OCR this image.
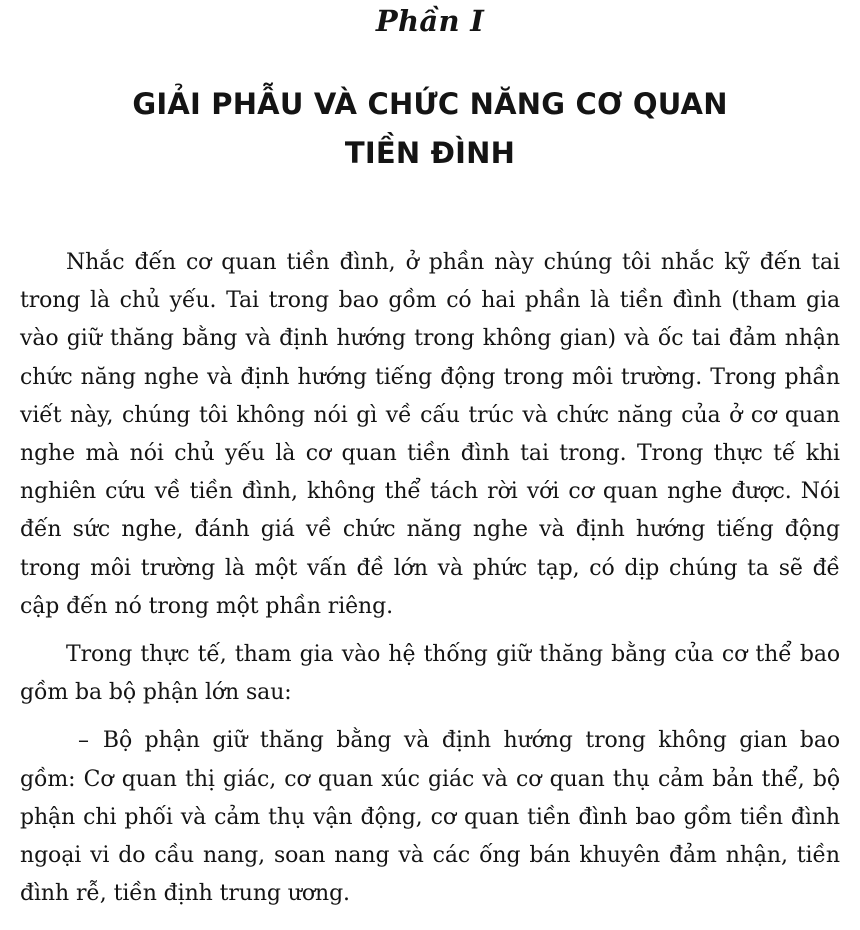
Phần I
GIẢI PHẪU VÀ CHỨC NĂNG CƠ QUAN
TIỀN ĐÌNH

Nhắc đến cơ quan tiền đình, ở phần này chúng tôi nhắc kỹ đến tai trong là chủ yếu. Tai trong bao gồm có hai phần là tiền đình (tham gia vào giữ thăng bằng và định hướng trong không gian) và ốc tai đảm nhận chức năng nghe và định hướng tiếng động trong môi trường. Trong phần viết này, chúng tôi không nói gì về cấu trúc và chức năng của ở cơ quan nghe mà nói chủ yếu là cơ quan tiền đình tai trong. Trong thực tế khi nghiên cứu về tiền đình, không thể tách rời với cơ quan nghe được. Nói đến sức nghe, đánh giá về chức năng nghe và định hướng tiếng động trong môi trường là một vấn đề lớn và phức tạp, có dịp chúng ta sẽ đề cập đến nó trong một phần riêng.

Trong thực tế, tham gia vào hệ thống giữ thăng bằng của cơ thể bao gồm ba bộ phận lớn sau:

– Bộ phận giữ thăng bằng và định hướng trong không gian bao gồm: Cơ quan thị giác, cơ quan xúc giác và cơ quan thụ cảm bản thể, bộ phận chi phối và cảm thụ vận động, cơ quan tiền đình bao gồm tiền đình ngoại vi do cầu nang, soan nang và các ống bán khuyên đảm nhận, tiền đình rễ, tiền định trung ương.
